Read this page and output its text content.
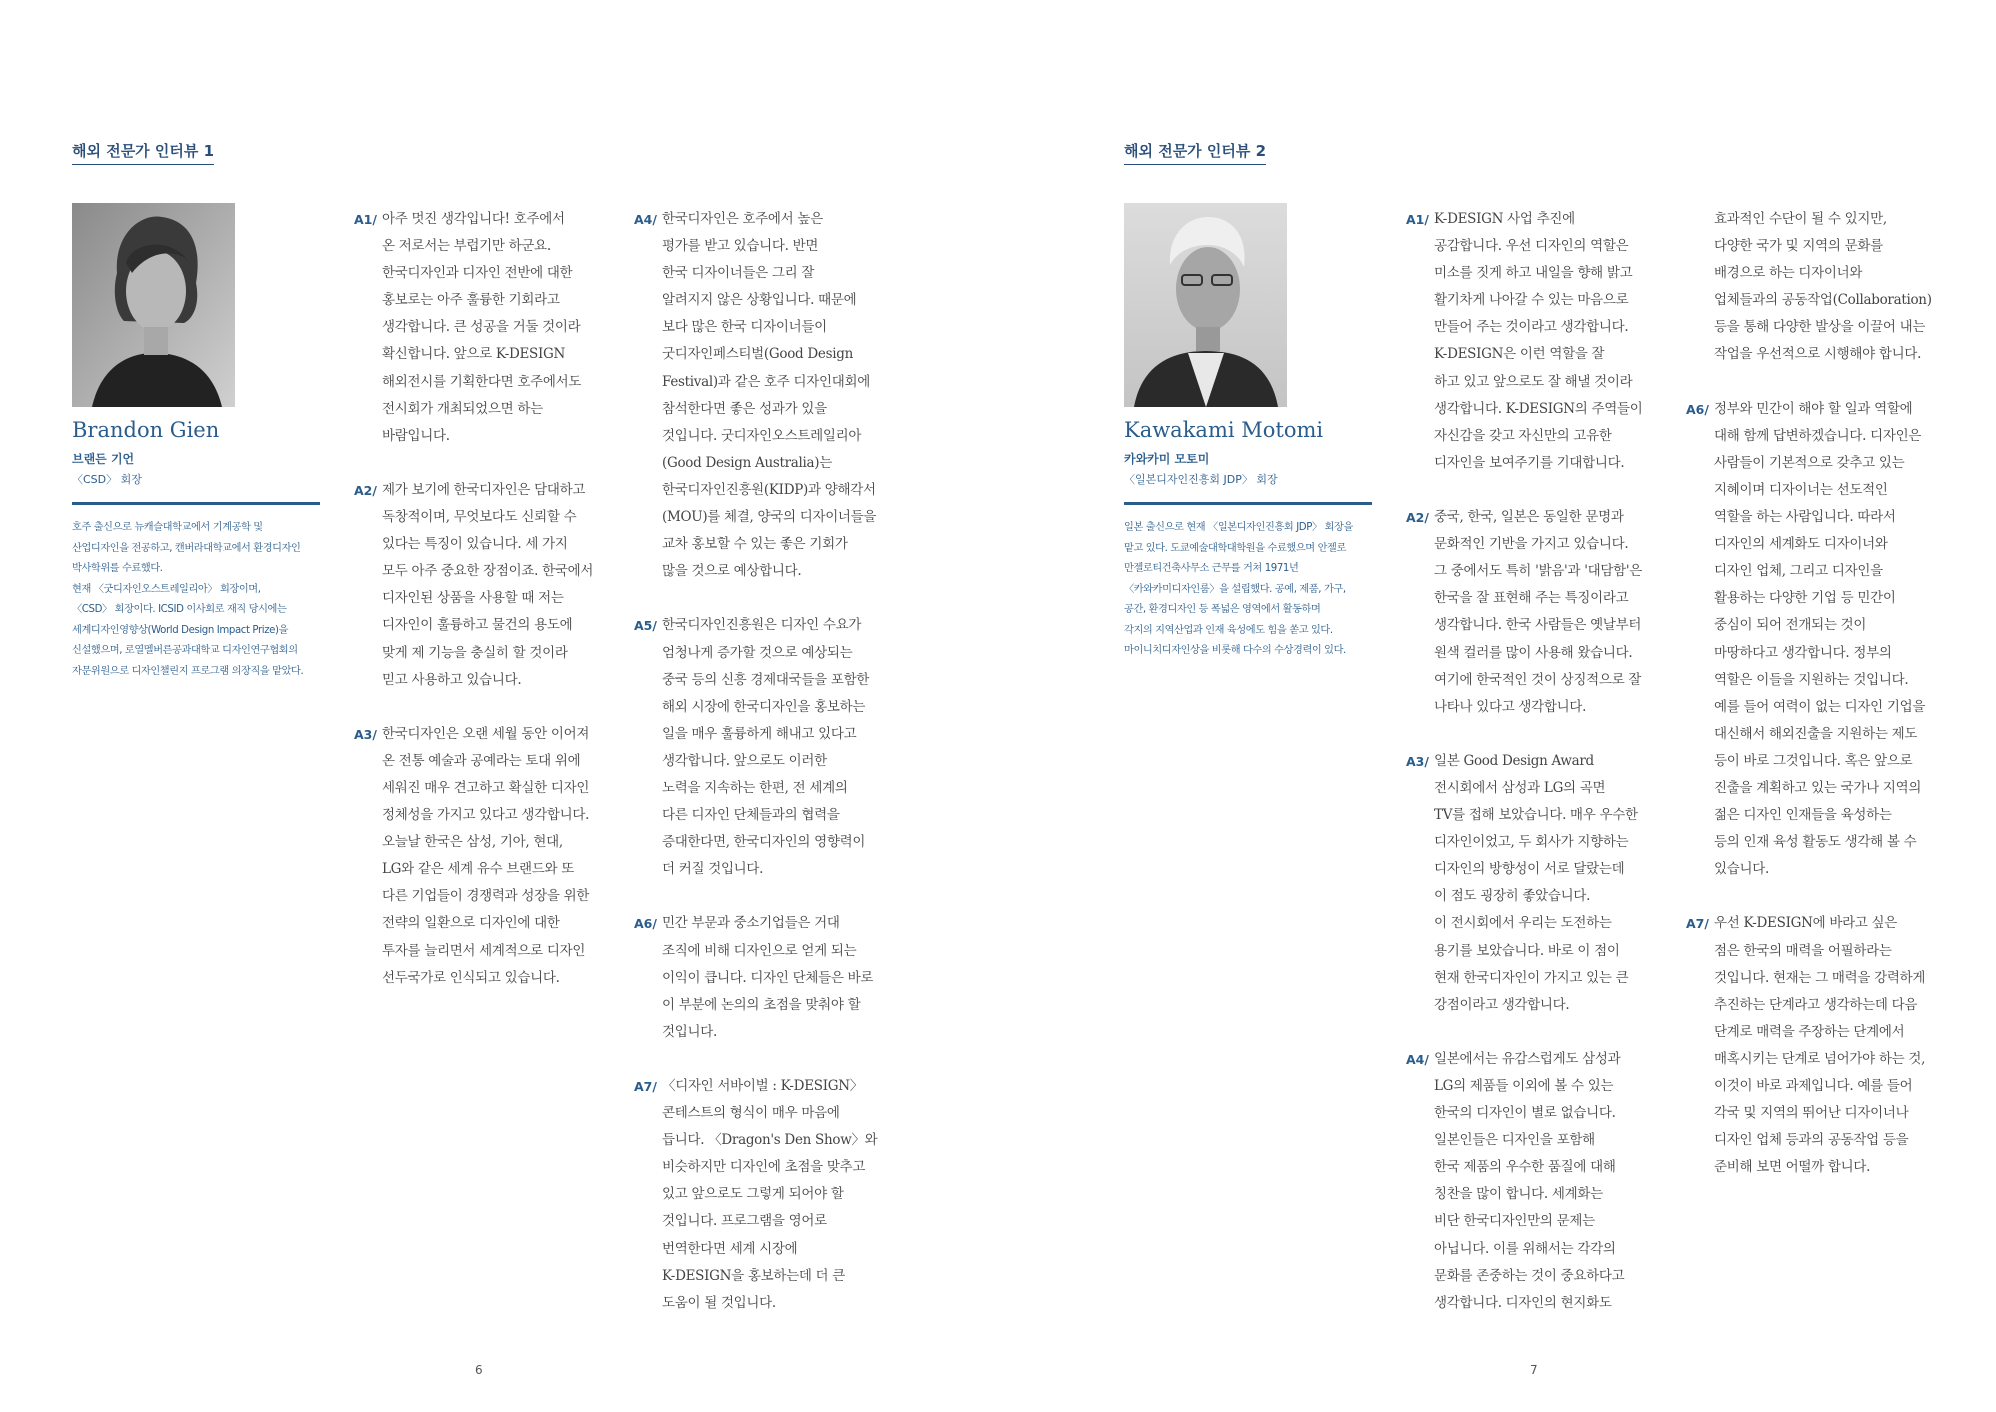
해외 전문가 인터뷰 1
Brandon Gien
브랜든 기언
〈CSD〉 회장
호주 출신으로 뉴캐슬대학교에서 기계공학 및
산업디자인을 전공하고, 캔버라대학교에서 환경디자인
박사학위를 수료했다.
현재 〈굿디자인오스트레일리아〉 회장이며,
〈CSD〉 회장이다. ICSID 이사회로 재직 당시에는
세계디자인영향상(World Design Impact Prize)을
신설했으며, 로열멜버른공과대학교 디자인연구협회의
자문위원으로 디자인챌린지 프로그램 의장직을 맡았다.
A1/ 아주 멋진 생각입니다! 호주에서
온 저로서는 부럽기만 하군요.
한국디자인과 디자인 전반에 대한
홍보로는 아주 훌륭한 기회라고
생각합니다. 큰 성공을 거둘 것이라
확신합니다. 앞으로 K-DESIGN
해외전시를 기획한다면 호주에서도
전시회가 개최되었으면 하는
바람입니다.
A2/ 제가 보기에 한국디자인은 담대하고
독창적이며, 무엇보다도 신뢰할 수
있다는 특징이 있습니다. 세 가지
모두 아주 중요한 장점이죠. 한국에서
디자인된 상품을 사용할 때 저는
디자인이 훌륭하고 물건의 용도에
맞게 제 기능을 충실히 할 것이라
믿고 사용하고 있습니다.
A3/ 한국디자인은 오랜 세월 동안 이어져
온 전통 예술과 공예라는 토대 위에
세워진 매우 견고하고 확실한 디자인
정체성을 가지고 있다고 생각합니다.
오늘날 한국은 삼성, 기아, 현대,
LG와 같은 세계 유수 브랜드와 또
다른 기업들이 경쟁력과 성장을 위한
전략의 일환으로 디자인에 대한
투자를 늘리면서 세계적으로 디자인
선두국가로 인식되고 있습니다.
A4/ 한국디자인은 호주에서 높은
평가를 받고 있습니다. 반면
한국 디자이너들은 그리 잘
알려지지 않은 상황입니다. 때문에
보다 많은 한국 디자이너들이
굿디자인페스티벌(Good Design
Festival)과 같은 호주 디자인대회에
참석한다면 좋은 성과가 있을
것입니다. 굿디자인오스트레일리아
(Good Design Australia)는
한국디자인진흥원(KIDP)과 양해각서
(MOU)를 체결, 양국의 디자이너들을
교차 홍보할 수 있는 좋은 기회가
많을 것으로 예상합니다.
A5/ 한국디자인진흥원은 디자인 수요가
엄청나게 증가할 것으로 예상되는
중국 등의 신흥 경제대국들을 포함한
해외 시장에 한국디자인을 홍보하는
일을 매우 훌륭하게 해내고 있다고
생각합니다. 앞으로도 이러한
노력을 지속하는 한편, 전 세계의
다른 디자인 단체들과의 협력을
증대한다면, 한국디자인의 영향력이
더 커질 것입니다.
A6/ 민간 부문과 중소기업들은 거대
조직에 비해 디자인으로 얻게 되는
이익이 큽니다. 디자인 단체들은 바로
이 부분에 논의의 초점을 맞춰야 할
것입니다.
A7/ 〈디자인 서바이벌 : K-DESIGN〉
콘테스트의 형식이 매우 마음에
듭니다. 〈Dragon's Den Show〉와
비슷하지만 디자인에 초점을 맞추고
있고 앞으로도 그렇게 되어야 할
것입니다. 프로그램을 영어로
번역한다면 세계 시장에
K-DESIGN을 홍보하는데 더 큰
도움이 될 것입니다.
6
해외 전문가 인터뷰 2
Kawakami Motomi
카와카미 모토미
〈일본디자인진흥회 JDP〉 회장
일본 출신으로 현재 〈일본디자인진흥회 JDP〉 회장을
맡고 있다. 도쿄예술대학대학원을 수료했으며 안젤로
만젤로티건축사무소 근무를 거쳐 1971년
〈카와카미디자인룸〉을 설립했다. 공예, 제품, 가구,
공간, 환경디자인 등 폭넓은 영역에서 활동하며
각지의 지역산업과 인재 육성에도 힘을 쏟고 있다.
마이니치디자인상을 비롯해 다수의 수상경력이 있다.
A1/ K-DESIGN 사업 추진에
공감합니다. 우선 디자인의 역할은
미소를 짓게 하고 내일을 향해 밝고
활기차게 나아갈 수 있는 마음으로
만들어 주는 것이라고 생각합니다.
K-DESIGN은 이런 역할을 잘
하고 있고 앞으로도 잘 해낼 것이라
생각합니다. K-DESIGN의 주역들이
자신감을 갖고 자신만의 고유한
디자인을 보여주기를 기대합니다.
A2/ 중국, 한국, 일본은 동일한 문명과
문화적인 기반을 가지고 있습니다.
그 중에서도 특히 '밝음'과 '대담함'은
한국을 잘 표현해 주는 특징이라고
생각합니다. 한국 사람들은 옛날부터
원색 컬러를 많이 사용해 왔습니다.
여기에 한국적인 것이 상징적으로 잘
나타나 있다고 생각합니다.
A3/ 일본 Good Design Award
전시회에서 삼성과 LG의 곡면
TV를 접해 보았습니다. 매우 우수한
디자인이었고, 두 회사가 지향하는
디자인의 방향성이 서로 달랐는데
이 점도 굉장히 좋았습니다.
이 전시회에서 우리는 도전하는
용기를 보았습니다. 바로 이 점이
현재 한국디자인이 가지고 있는 큰
강점이라고 생각합니다.
A4/ 일본에서는 유감스럽게도 삼성과
LG의 제품들 이외에 볼 수 있는
한국의 디자인이 별로 없습니다.
일본인들은 디자인을 포함해
한국 제품의 우수한 품질에 대해
칭찬을 많이 합니다. 세계화는
비단 한국디자인만의 문제는
아닙니다. 이를 위해서는 각각의
문화를 존중하는 것이 중요하다고
생각합니다. 디자인의 현지화도
효과적인 수단이 될 수 있지만,
다양한 국가 및 지역의 문화를
배경으로 하는 디자이너와
업체들과의 공동작업(Collaboration)
등을 통해 다양한 발상을 이끌어 내는
작업을 우선적으로 시행해야 합니다.
A6/ 정부와 민간이 해야 할 일과 역할에
대해 함께 답변하겠습니다. 디자인은
사람들이 기본적으로 갖추고 있는
지혜이며 디자이너는 선도적인
역할을 하는 사람입니다. 따라서
디자인의 세계화도 디자이너와
디자인 업체, 그리고 디자인을
활용하는 다양한 기업 등 민간이
중심이 되어 전개되는 것이
마땅하다고 생각합니다. 정부의
역할은 이들을 지원하는 것입니다.
예를 들어 여력이 없는 디자인 기업을
대신해서 해외진출을 지원하는 제도
등이 바로 그것입니다. 혹은 앞으로
진출을 계획하고 있는 국가나 지역의
젊은 디자인 인재들을 육성하는
등의 인재 육성 활동도 생각해 볼 수
있습니다.
A7/ 우선 K-DESIGN에 바라고 싶은
점은 한국의 매력을 어필하라는
것입니다. 현재는 그 매력을 강력하게
추진하는 단계라고 생각하는데 다음
단계로 매력을 주장하는 단계에서
매혹시키는 단계로 넘어가야 하는 것,
이것이 바로 과제입니다. 예를 들어
각국 및 지역의 뛰어난 디자이너나
디자인 업체 등과의 공동작업 등을
준비해 보면 어떨까 합니다.
7
